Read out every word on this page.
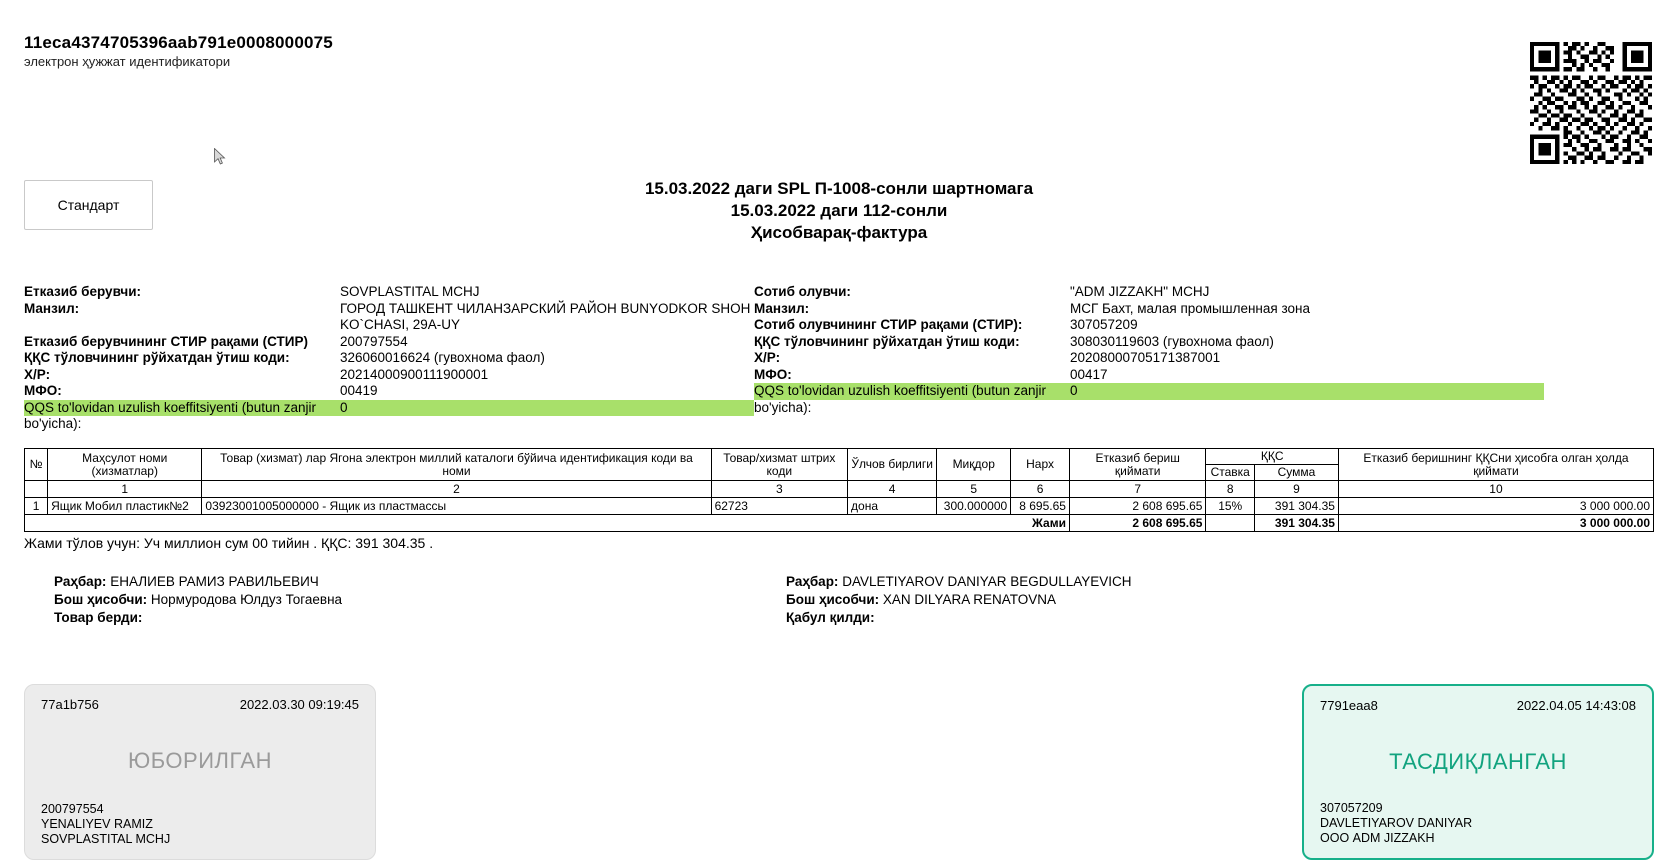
11eca4374705396aab791e0008000075
электрон ҳужжат идентификатори
Стандарт
15.03.2022 даги SPL П-1008-сонли шартномага
15.03.2022 даги 112-сонли
Ҳисобварақ-фактура
Етказиб берувчи:	SOVPLASTITAL MCHJ
Манзил:	ГОРОД ТАШКЕНТ ЧИЛАНЗАРСКИЙ РАЙОН BUNYODKOR SHOH KO`CHASI, 29A-UY
Етказиб берувчининг СТИР рақами (СТИР)	200797554
ҚҚС тўловчининг рўйхатдан ўтиш коди:	326060016624 (гувохнома фаол)
Х/Р:	20214000900111900001
МФО:	00419
QQS to'lovidan uzulish koeffitsiyenti (butun zanjir bo'yicha):
0
Сотиб олувчи:	"ADM JIZZAKH" MCHJ
Манзил:	МСГ Бахт, малая промышленная зона
Сотиб олувчининг СТИР рақами (СТИР):	307057209
ҚҚС тўловчининг рўйхатдан ўтиш коди:	308030119603 (гувохнома фаол)
Х/Р:	20208000705171387001
МФО:	00417
QQS to'lovidan uzulish koeffitsiyenti (butun zanjir bo'yicha):
0
№	Маҳсулот номи (хизматлар)	Товар (хизмат) лар Ягона электрон миллий каталоги бўйича идентификация коди ва номи	Товар/хизмат штрих коди	Ўлчов бирлиги	Миқдор	Нарх	Етказиб бериш қиймати	ҚҚС		Етказиб беришнинг ҚҚСни ҳисобга олган ҳолда қиймати
								Ставка	Сумма	
	1	2	3	4	5	6	7	8	9	10
1	Ящик Мобил пластик№2	03923001005000000 - Ящик из пластмассы	62723	дона	300.000000	8 695.65	2 608 695.65	15%	391 304.35	3 000 000.00
Жами							2 608 695.65		391 304.35	3 000 000.00
Жами тўлов учун: Уч миллион сум 00 тийин . ҚҚС: 391 304.35 .
Раҳбар: ЕНАЛИЕВ РАМИЗ РАВИЛЬЕВИЧ
Бош ҳисобчи: Нормуродова Юлдуз Тогаевна
Товар берди:
Раҳбар: DAVLETIYAROV DANIYAR BEGDULLAYEVICH
Бош ҳисобчи: XAN DILYARA RENATOVNA
Қабул қилди:
77a1b756	2022.03.30 09:19:45
ЮБОРИЛГАН
200797554
YENALIYEV RAMIZ
SOVPLASTITAL MCHJ
7791eaa8	2022.04.05 14:43:08
ТАСДИҚЛАНГАН
307057209
DAVLETIYAROV DANIYAR
ООО ADM JIZZAKH
